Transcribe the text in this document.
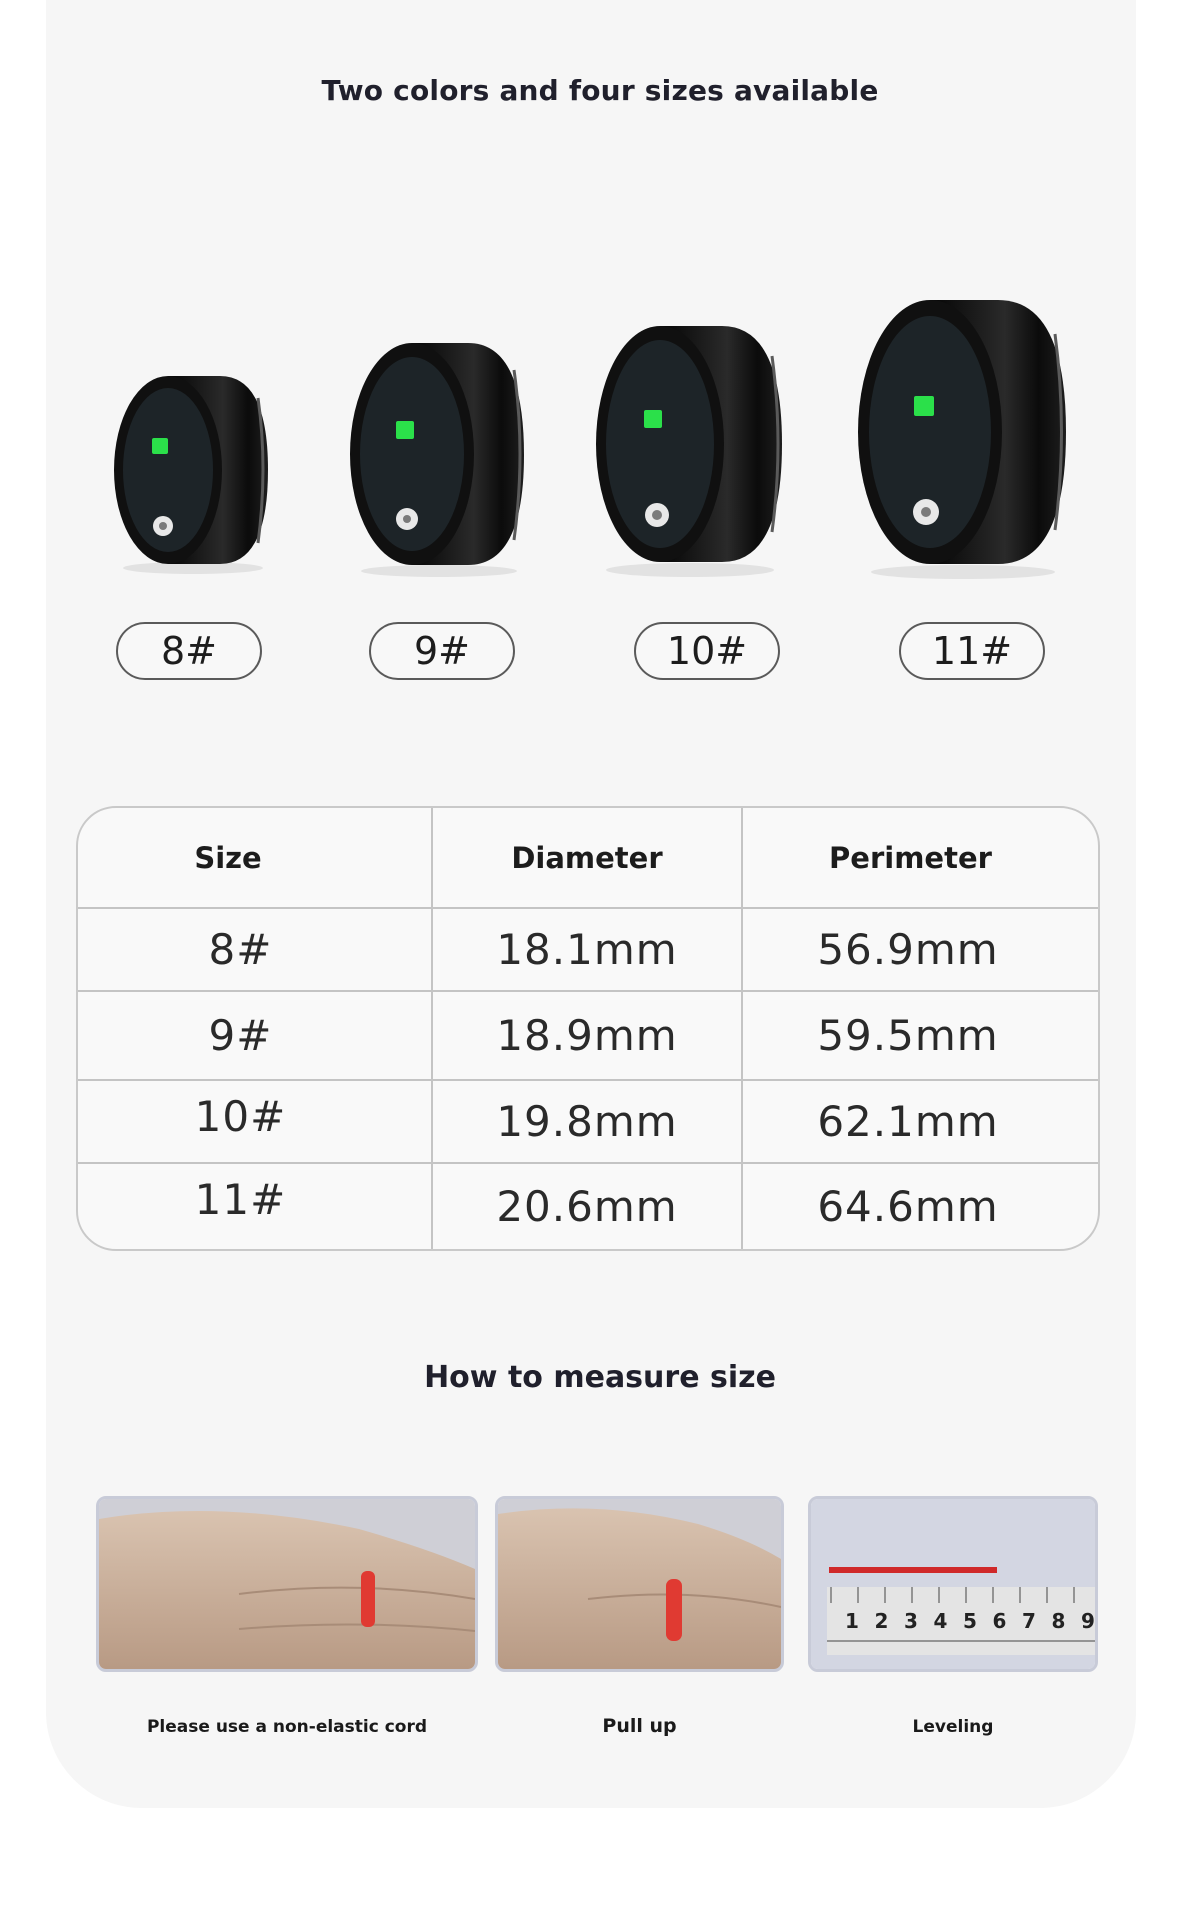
Two colors and four sizes available
8#	9#	10#	11#
Size	Diameter	Perimeter
8#	18.1mm	56.9mm
9#	18.9mm	59.5mm
10#	19.8mm	62.1mm
11#	20.6mm	64.6mm
How to measure size
1 2 3 4 5 6 7 8 9
Please use a non-elastic cord	Pull up	Leveling
